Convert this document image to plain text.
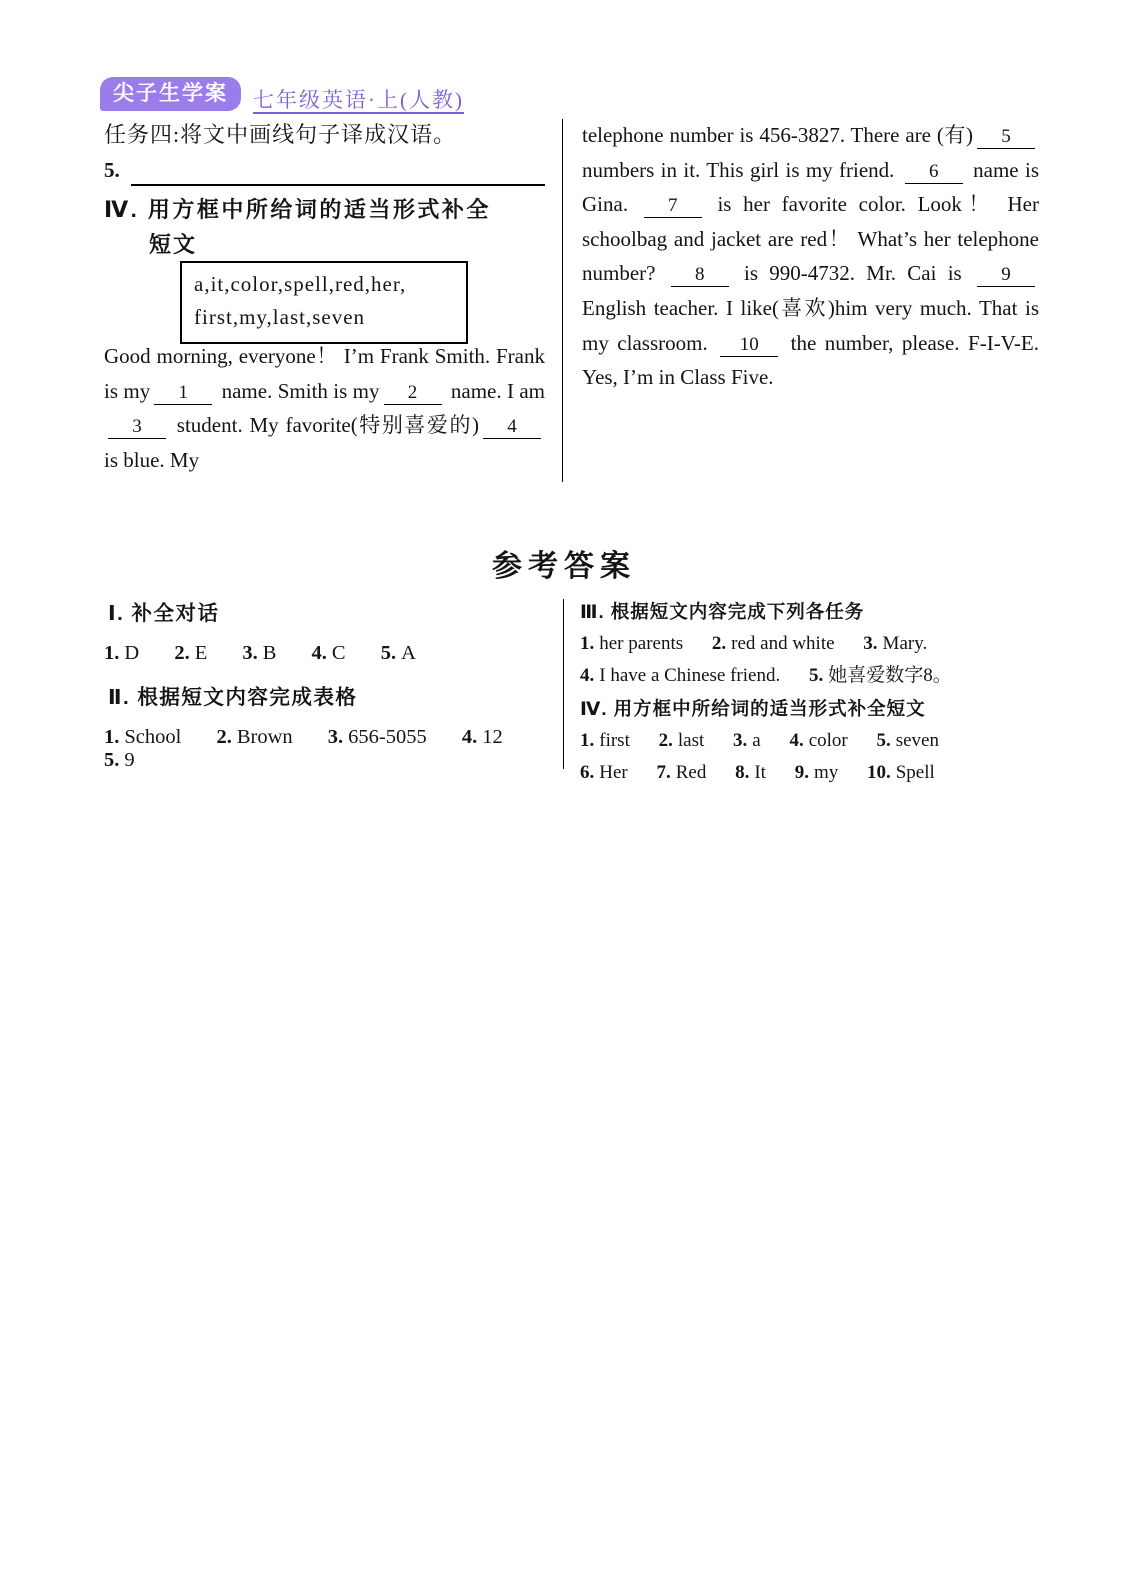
尖子生学案	七年级英语·上(人教)
任务四:将文中画线句子译成汉语。
5.
Ⅳ. 用方框中所给词的适当形式补全
短文
a,it,color,spell,red,her,
first,my,last,seven
Good morning, everyone！ I’m Frank Smith. Frank is my 1 name. Smith is my 2 name. I am 3 student. My favorite(特别喜爱的) 4is blue. My
telephone number is 456-3827. There are (有) 5 numbers in it. This girl is my friend. 6 name is Gina. 7 is her favorite color. Look！ Her schoolbag and jacket are red！ What’s her telephone number? 8 is 990-4732. Mr. Cai is 9 English teacher. I like(喜欢)him very much. That is my classroom. 10 the number, please. F-I-V-E. Yes, I’m in Class Five.
参考答案
Ⅰ. 补全对话
1. D 2. E 3. B 4. C 5. A
Ⅱ. 根据短文内容完成表格
1. School 2. Brown 3. 656-5055 4. 12 5. 9
Ⅲ. 根据短文内容完成下列各任务
1. her parents 2. red and white 3. Mary.
4. I have a Chinese friend. 5. 她喜爱数字8。
Ⅳ. 用方框中所给词的适当形式补全短文
1. first 2. last 3. a 4. color 5. seven
6. Her 7. Red 8. It 9. my 10. Spell
